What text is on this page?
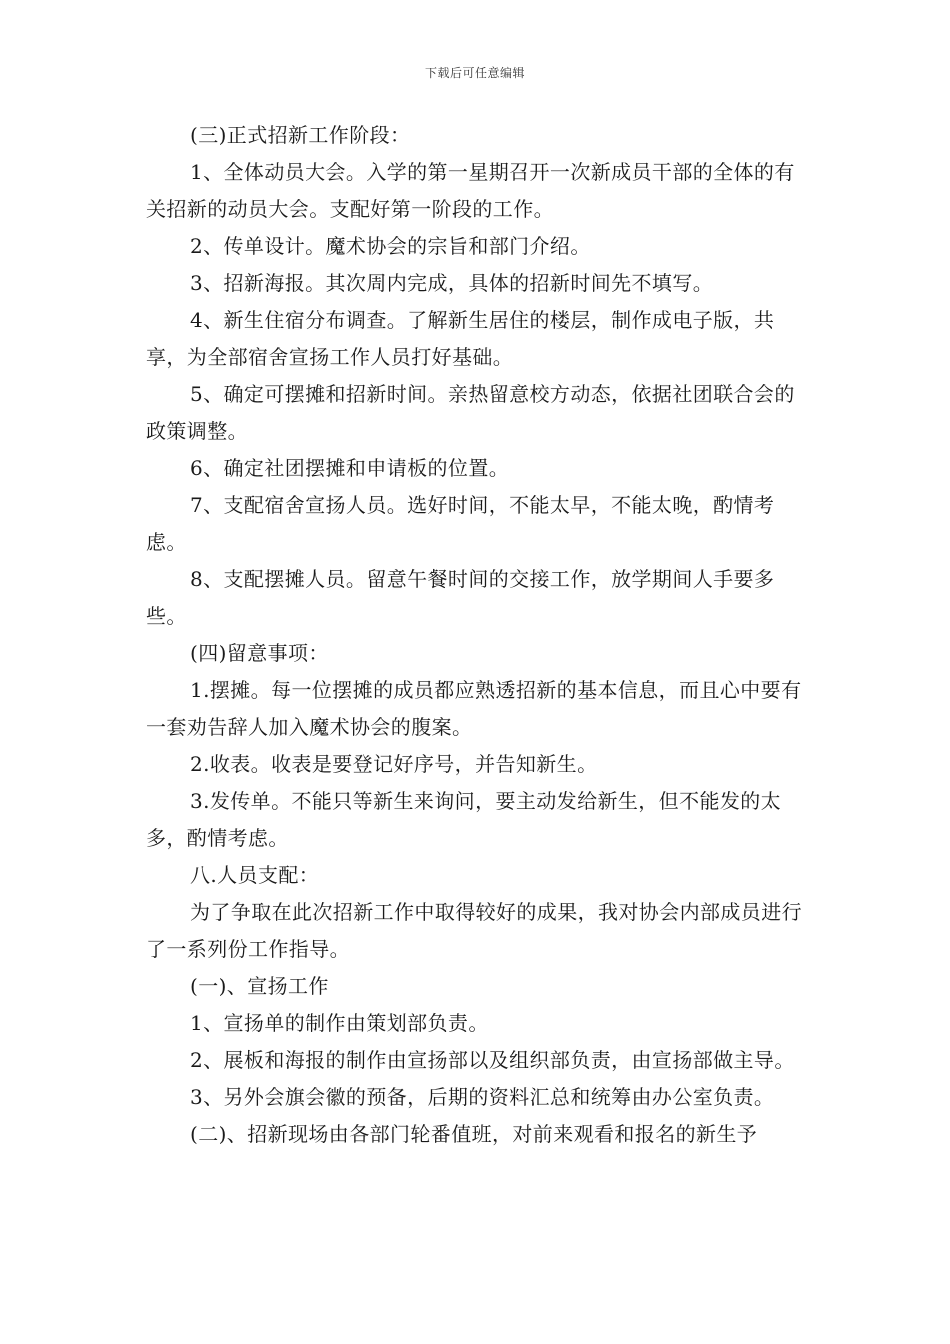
下载后可任意编辑

(三)正式招新工作阶段：

1、全体动员大会。入学的第一星期召开一次新成员干部的全体的有关招新的动员大会。支配好第一阶段的工作。

2、传单设计。魔术协会的宗旨和部门介绍。

3、招新海报。其次周内完成，具体的招新时间先不填写。

4、新生住宿分布调查。了解新生居住的楼层，制作成电子版，共享，为全部宿舍宣扬工作人员打好基础。

5、确定可摆摊和招新时间。亲热留意校方动态，依据社团联合会的政策调整。

6、确定社团摆摊和申请板的位置。

7、支配宿舍宣扬人员。选好时间，不能太早，不能太晚，酌情考虑。

8、支配摆摊人员。留意午餐时间的交接工作，放学期间人手要多些。

(四)留意事项：

1.摆摊。每一位摆摊的成员都应熟透招新的基本信息，而且心中要有一套劝告辞人加入魔术协会的腹案。

2.收表。收表是要登记好序号，并告知新生。

3.发传单。不能只等新生来询问，要主动发给新生，但不能发的太多，酌情考虑。

八.人员支配：

为了争取在此次招新工作中取得较好的成果，我对协会内部成员进行了一系列份工作指导。

(一)、宣扬工作

1、宣扬单的制作由策划部负责。

2、展板和海报的制作由宣扬部以及组织部负责，由宣扬部做主导。

3、另外会旗会徽的预备，后期的资料汇总和统筹由办公室负责。

(二)、招新现场由各部门轮番值班，对前来观看和报名的新生予
